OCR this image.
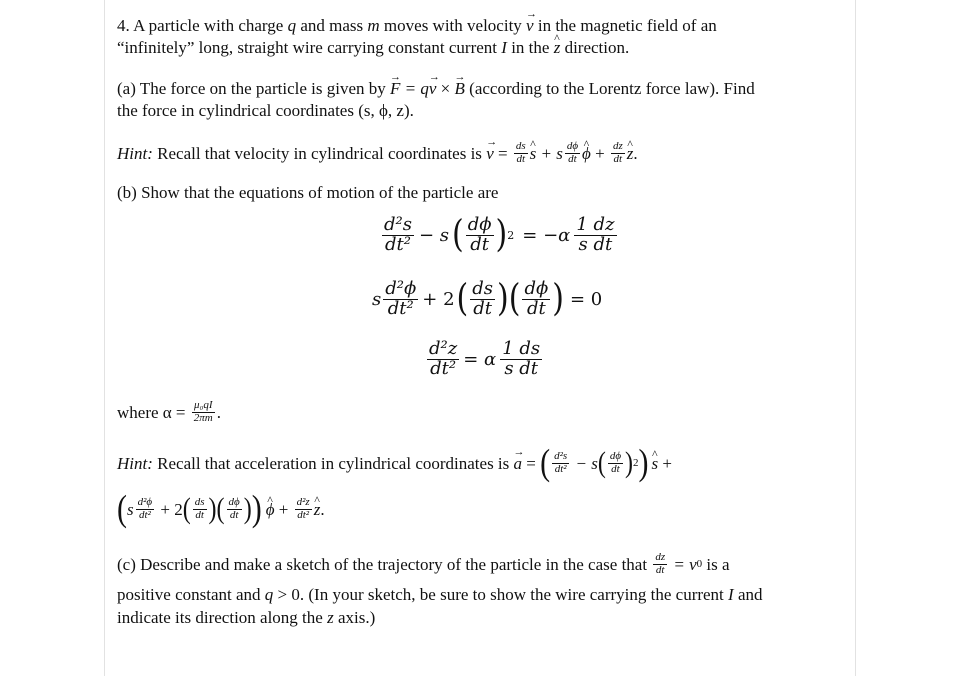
4. A particle with charge q and mass m moves with velocity → v in the magnetic field of an
“infinitely” long, straight wire carrying constant current I in the ^ z direction.
(a) The force on the particle is given by → F = q→ v × → B (according to the Lorentz force law). Find
the force in cylindrical coordinates (s, ϕ, z).
Hint: Recall that velocity in cylindrical coordinates is → $v = \frac{ds}{dt}$ ^ s + s $\frac{d\phi}{dt}$ ^ $\phi + \frac{dz}{dt}$ ^ z .
(b) Show that the equations of motion of the particle are
$\frac{\text{d²s}}{\text{dt²}} - s$ ( $\frac{d\phi}{dt}$ ) $2 = -\alpha \frac{1 dz}{\text{s dt}}$
s $\frac{\text{d²ϕ}}{\text{dt²}} + 2$ ( $\frac{ds}{dt}$ ) ( $\frac{d\phi}{dt}$ ) = 0
$\frac{\text{d²z}}{\text{dt²}} = \alpha \frac{1 ds}{\text{s dt}}$
where $\alpha = \frac{\text{μ₀qI}}{2\pi m}$ .
Hint: Recall that acceleration in cylindrical coordinates is → a = ( $\frac{\text{d²s}}{\text{dt²}} - s$ ( $\frac{d\phi}{dt}$ ) 2 ) ^ s +
( s $\frac{\text{d²ϕ}}{\text{dt²}} + 2$ ( $\frac{ds}{dt}$ ) ( $\frac{d\phi}{dt}$ ) ) ^ $\phi + \frac{\text{d²z}}{\text{dt²}}$ ^ z .
(c) Describe and make a sketch of the trajectory of the particle in the case that $\frac{dz}{dt} = v$ 0 is a
positive constant and q > 0. (In your sketch, be sure to show the wire carrying the current I and
indicate its direction along the z axis.)
